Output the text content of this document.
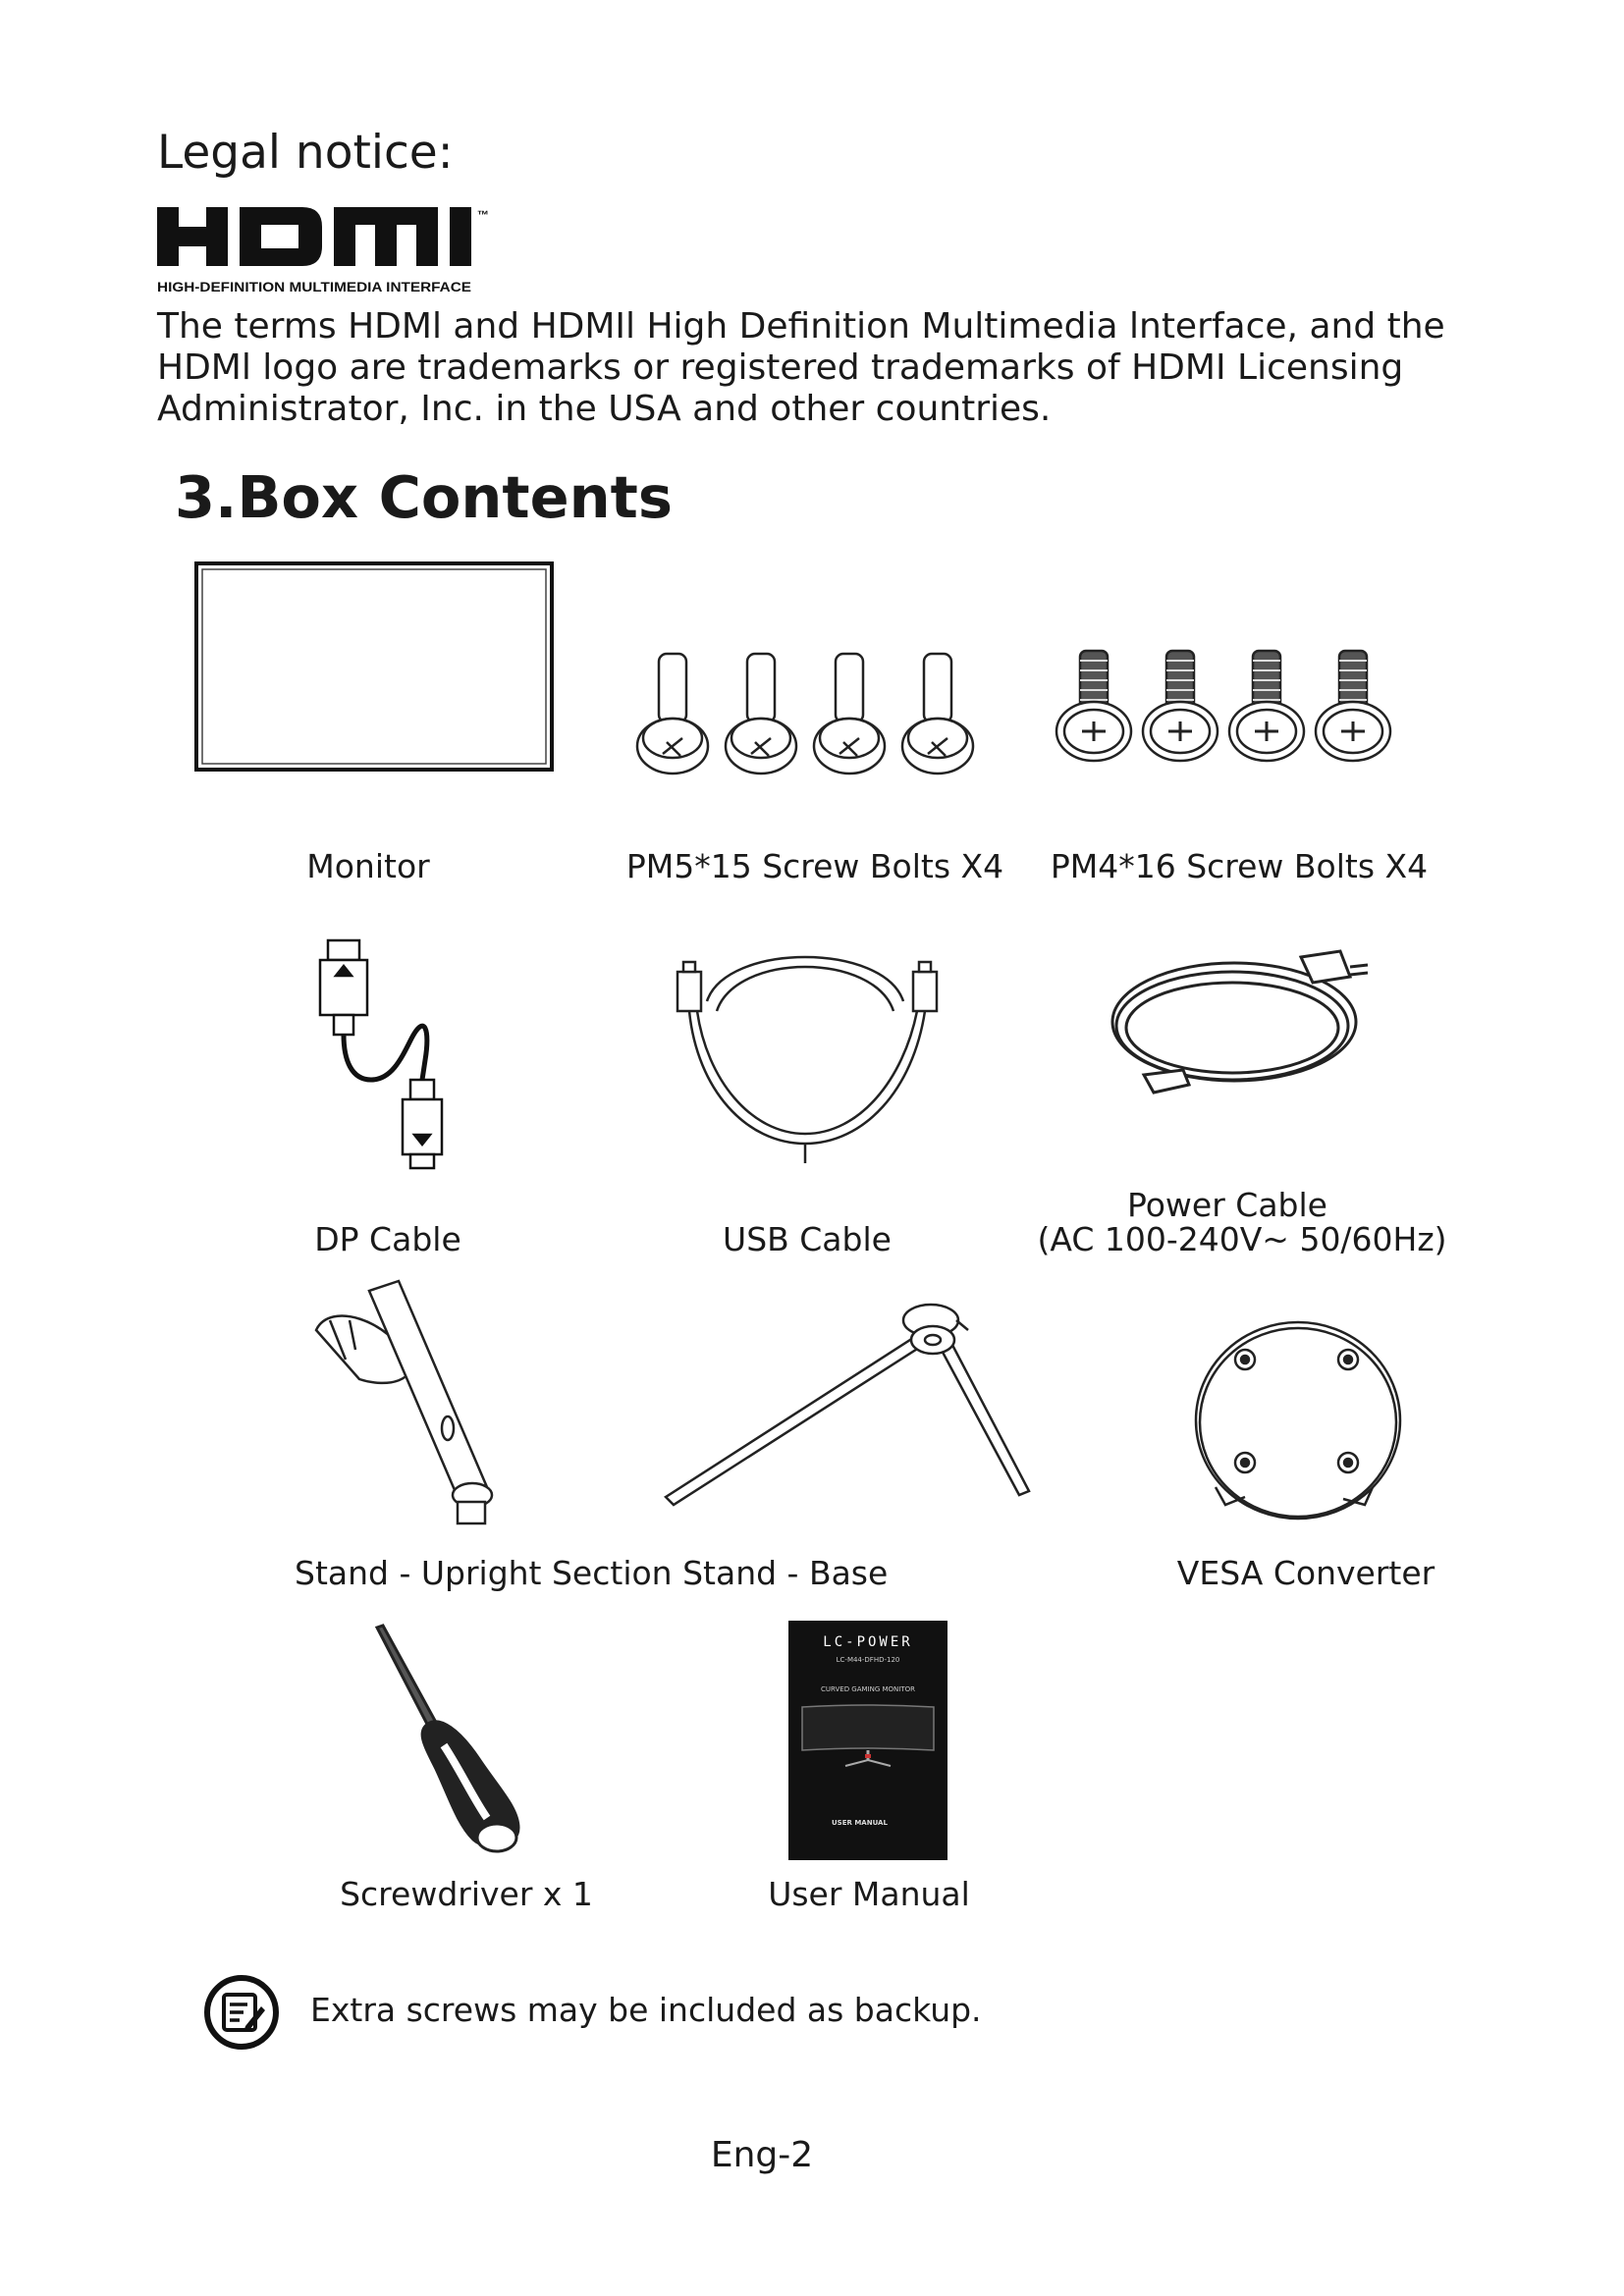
Legal notice:
™
HIGH-DEFINITION MULTIMEDIA INTERFACE

The terms HDMl and HDMIl High Definition Multimedia lnterface, and the HDMl logo are trademarks or registered trademarks of HDMI Licensing Administrator, Inc. in the USA and other countries.

3.Box Contents
Monitor	PM5*15 Screw Bolts X4 PM4*16 Screw Bolts X4
DP Cable	USB Cable
Power Cable
(AC 100-240V~ 50/60Hz)
Stand - Upright Section Stand - Base	VESA Converter
LC-POWER
LC-M44-DFHD-120
CURVED GAMING MONITOR
USER MANUAL
Screwdriver x 1	User Manual
Extra screws may be included as backup.
Eng-2
